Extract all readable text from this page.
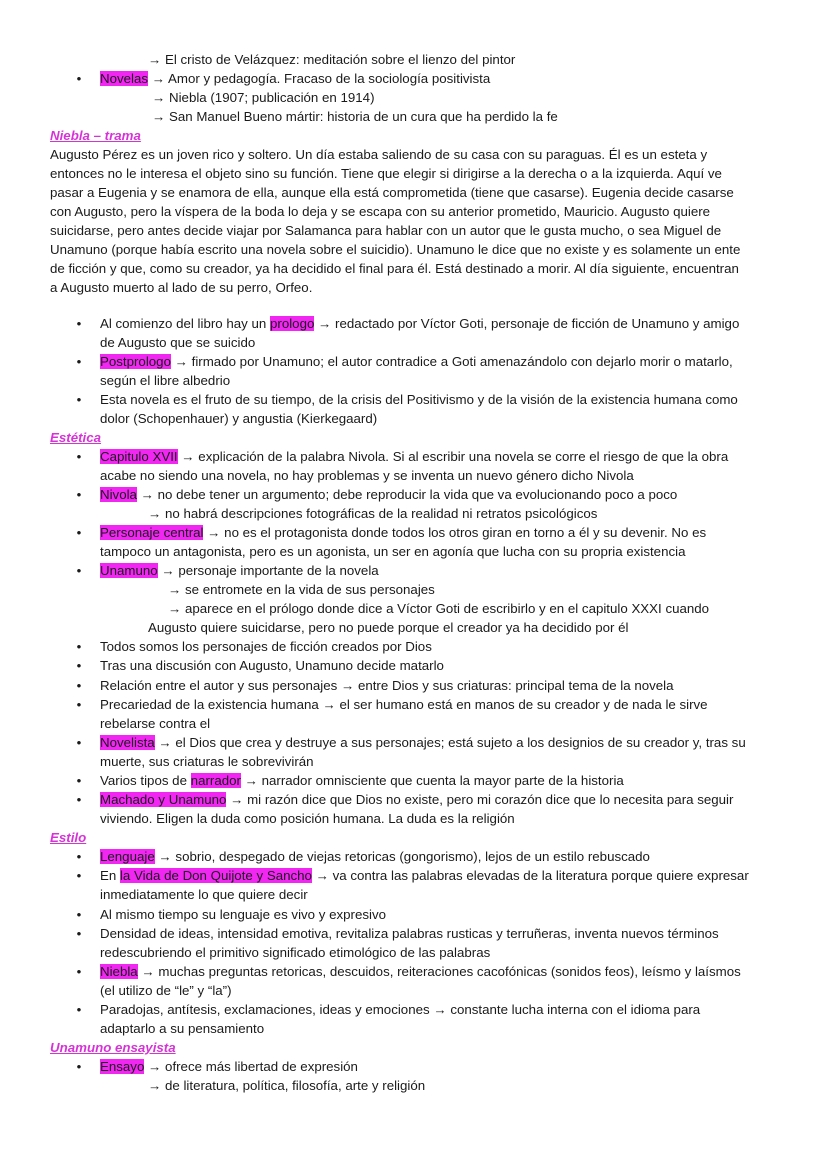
→ El cristo de Velázquez: meditación sobre el lienzo del pintor
• Novelas → Amor y pedagogía. Fracaso de la sociología positivista
→ Niebla (1907; publicación en 1914)
→ San Manuel Bueno mártir: historia de un cura que ha perdido la fe
Niebla – trama
Augusto Pérez es un joven rico y soltero. Un día estaba saliendo de su casa con su paraguas. Él es un esteta y
entonces no le interesa el objeto sino su función. Tiene que elegir si dirigirse a la derecha o a la izquierda. Aquí ve
pasar a Eugenia y se enamora de ella, aunque ella está comprometida (tiene que casarse). Eugenia decide casarse
con Augusto, pero la víspera de la boda lo deja y se escapa con su anterior prometido, Mauricio. Augusto quiere
suicidarse, pero antes decide viajar por Salamanca para hablar con un autor que le gusta mucho, o sea Miguel de
Unamuno (porque había escrito una novela sobre el suicidio). Unamuno le dice que no existe y es solamente un ente
de ficción y que, como su creador, ya ha decidido el final para él. Está destinado a morir. Al día siguiente, encuentran
a Augusto muerto al lado de su perro, Orfeo.
• Al comienzo del libro hay un prologo → redactado por Víctor Goti, personaje de ficción de Unamuno y amigo
de Augusto que se suicido
• Postprologo → firmado por Unamuno; el autor contradice a Goti amenazándolo con dejarlo morir o matarlo,
según el libre albedrio
• Esta novela es el fruto de su tiempo, de la crisis del Positivismo y de la visión de la existencia humana como
dolor (Schopenhauer) y angustia (Kierkegaard)
Estética
• Capitulo XVII → explicación de la palabra Nivola. Si al escribir una novela se corre el riesgo de que la obra
acabe no siendo una novela, no hay problemas y se inventa un nuevo género dicho Nivola
• Nivola → no debe tener un argumento; debe reproducir la vida que va evolucionando poco a poco
→ no habrá descripciones fotográficas de la realidad ni retratos psicológicos
• Personaje central → no es el protagonista donde todos los otros giran en torno a él y su devenir. No es
tampoco un antagonista, pero es un agonista, un ser en agonía que lucha con su propria existencia
• Unamuno → personaje importante de la novela
→ se entromete en la vida de sus personajes
→ aparece en el prólogo donde dice a Víctor Goti de escribirlo y en el capitulo XXXI cuando
Augusto quiere suicidarse, pero no puede porque el creador ya ha decidido por él
• Todos somos los personajes de ficción creados por Dios
• Tras una discusión con Augusto, Unamuno decide matarlo
• Relación entre el autor y sus personajes → entre Dios y sus criaturas: principal tema de la novela
• Precariedad de la existencia humana → el ser humano está en manos de su creador y de nada le sirve
rebelarse contra el
• Novelista → el Dios que crea y destruye a sus personajes; está sujeto a los designios de su creador y, tras su
muerte, sus criaturas le sobrevivirán
• Varios tipos de narrador → narrador omnisciente que cuenta la mayor parte de la historia
• Machado y Unamuno → mi razón dice que Dios no existe, pero mi corazón dice que lo necesita para seguir
viviendo. Eligen la duda como posición humana. La duda es la religión
Estilo
• Lenguaje → sobrio, despegado de viejas retoricas (gongorismo), lejos de un estilo rebuscado
• En la Vida de Don Quijote y Sancho → va contra las palabras elevadas de la literatura porque quiere expresar
inmediatamente lo que quiere decir
• Al mismo tiempo su lenguaje es vivo y expresivo
• Densidad de ideas, intensidad emotiva, revitaliza palabras rusticas y terruñeras, inventa nuevos términos
redescubriendo el primitivo significado etimológico de las palabras
• Niebla → muchas preguntas retoricas, descuidos, reiteraciones cacofónicas (sonidos feos), leísmo y laísmos
(el utilizo de “le” y “la”)
• Paradojas, antítesis, exclamaciones, ideas y emociones → constante lucha interna con el idioma para
adaptarlo a su pensamiento
Unamuno ensayista
• Ensayo → ofrece más libertad de expresión
→ de literatura, política, filosofía, arte y religión
